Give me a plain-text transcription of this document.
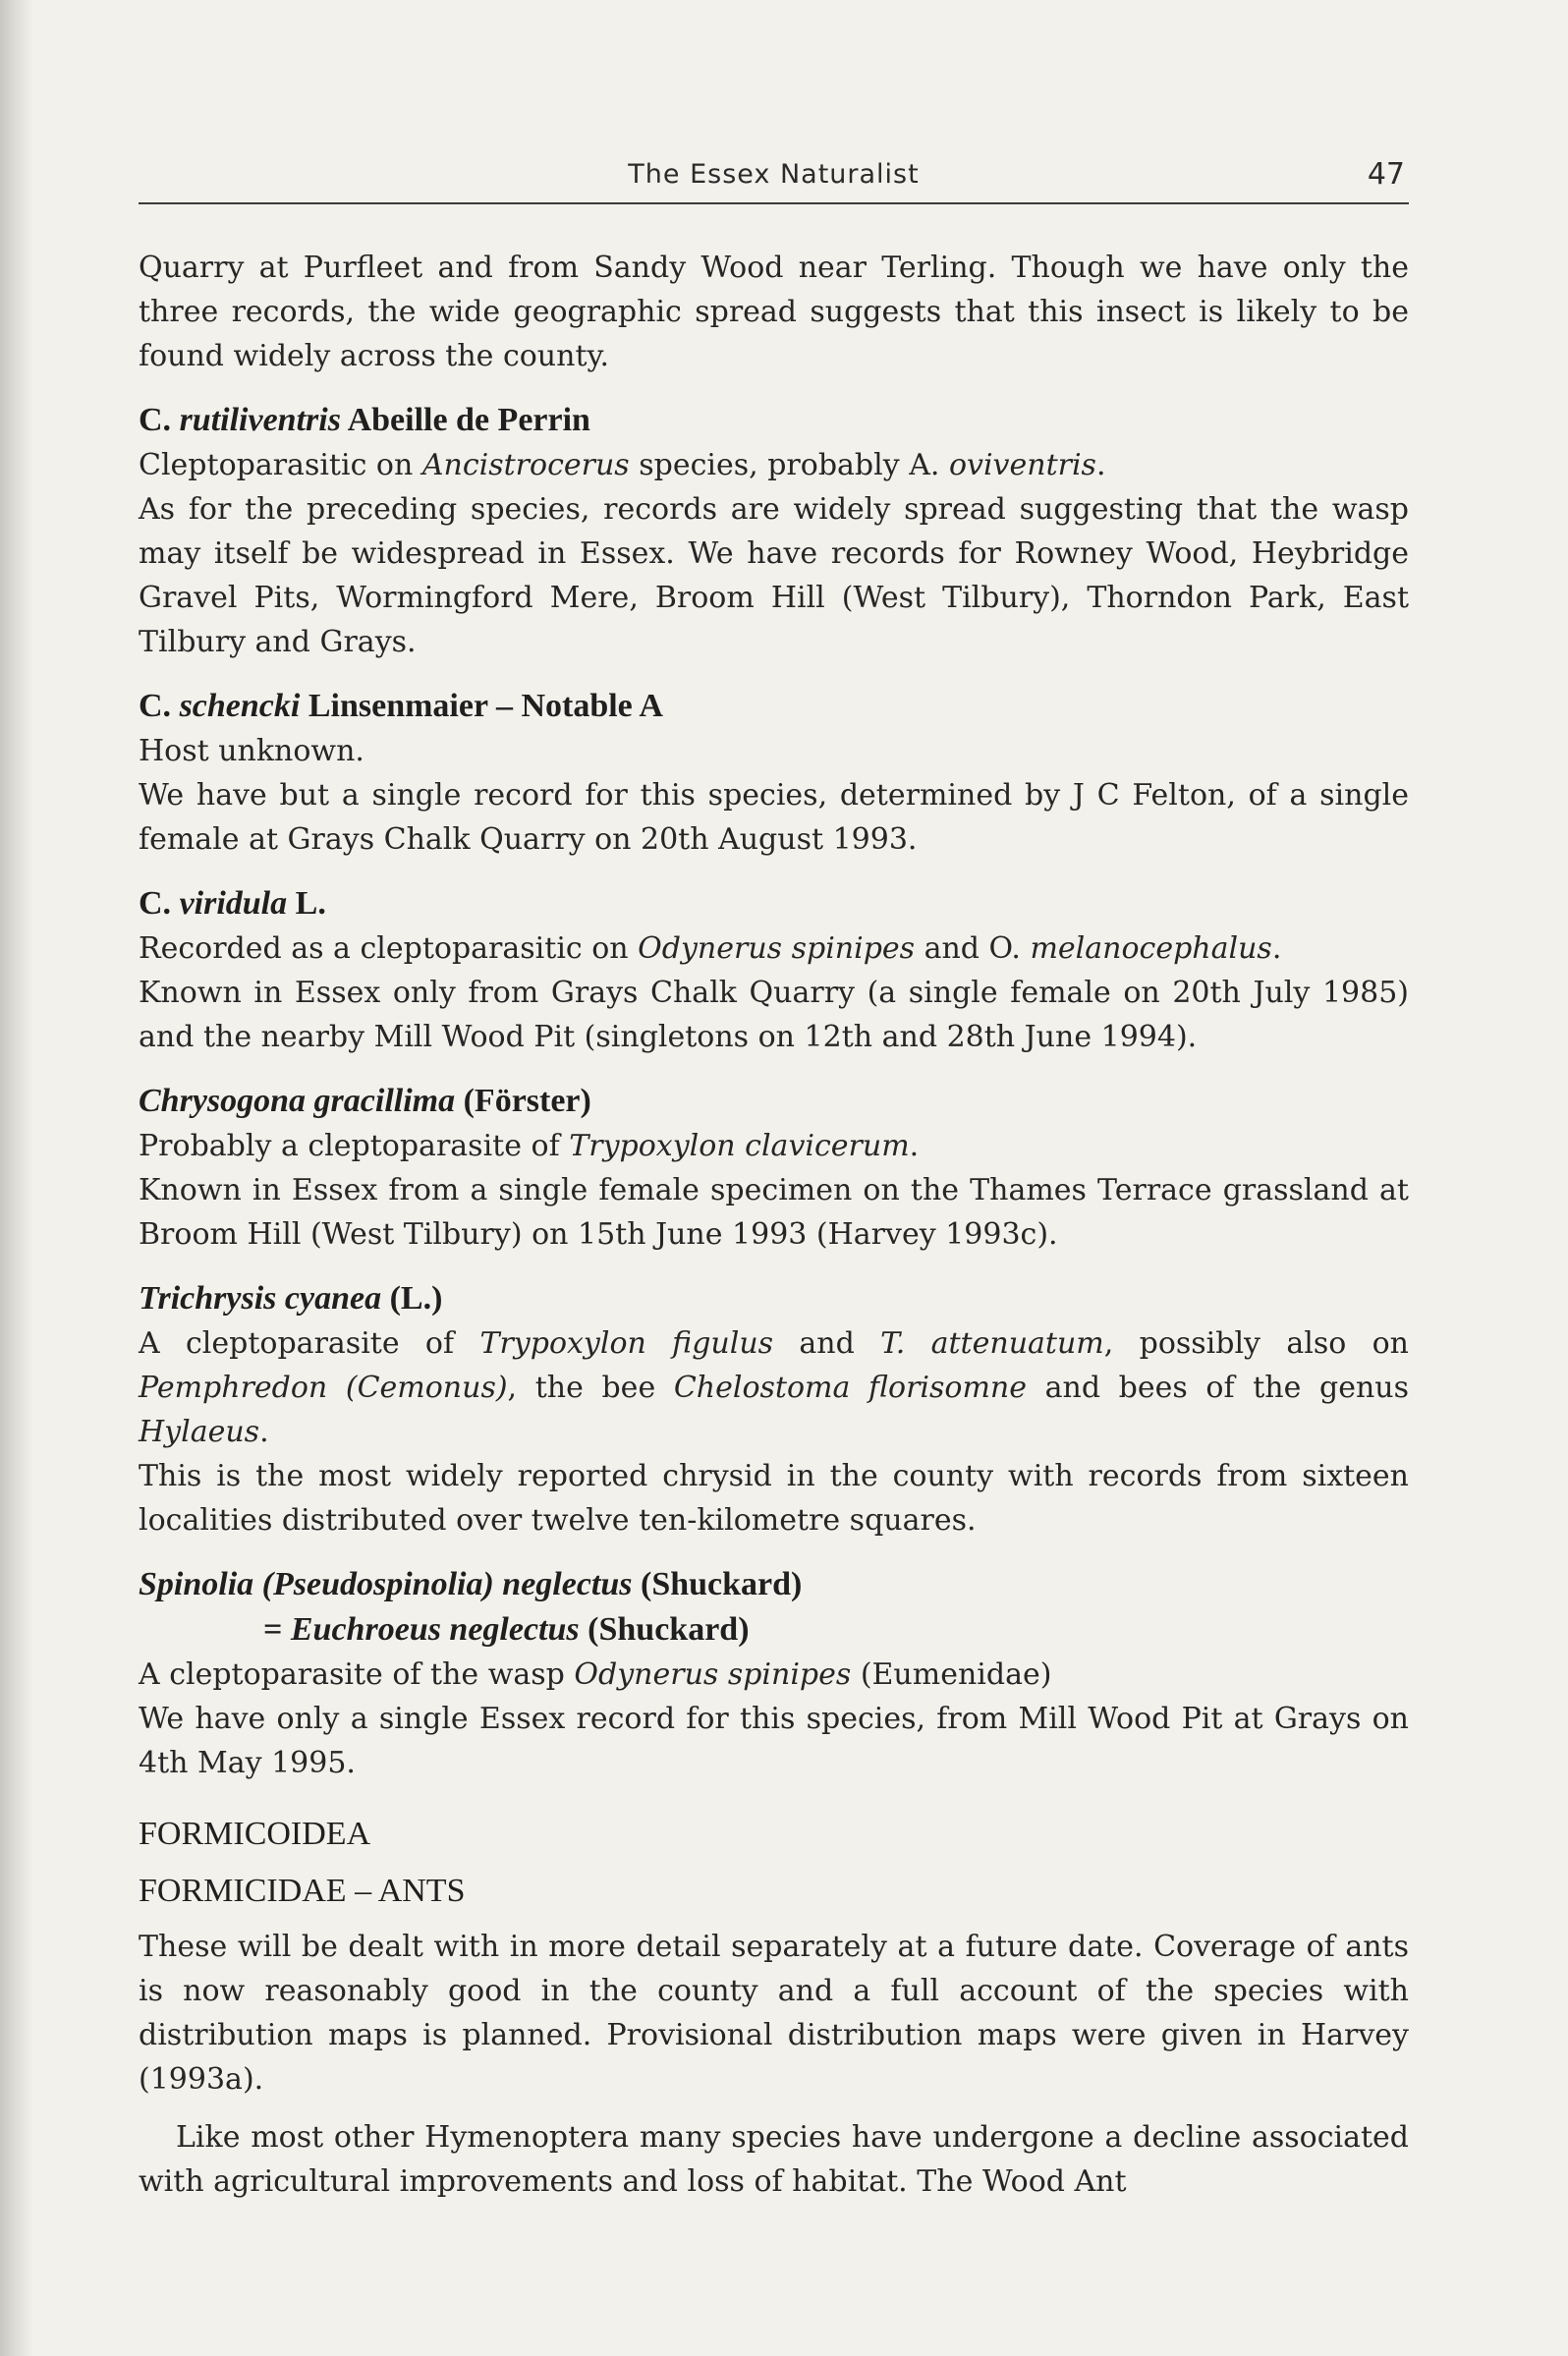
The Essex Naturalist	47

Quarry at Purfleet and from Sandy Wood near Terling. Though we have only the three records, the wide geographic spread suggests that this insect is likely to be found widely across the county.

C. rutiliventris Abeille de Perrin

Cleptoparasitic on Ancistrocerus species, probably A. oviventris.

As for the preceding species, records are widely spread suggesting that the wasp may itself be widespread in Essex. We have records for Rowney Wood, Heybridge Gravel Pits, Wormingford Mere, Broom Hill (West Tilbury), Thorndon Park, East Tilbury and Grays.

C. schencki Linsenmaier – Notable A

Host unknown.

We have but a single record for this species, determined by J C Felton, of a single female at Grays Chalk Quarry on 20th August 1993.

C. viridula L.

Recorded as a cleptoparasitic on Odynerus spinipes and O. melanocephalus.

Known in Essex only from Grays Chalk Quarry (a single female on 20th July 1985) and the nearby Mill Wood Pit (singletons on 12th and 28th June 1994).

Chrysogona gracillima (Förster)

Probably a cleptoparasite of Trypoxylon clavicerum.

Known in Essex from a single female specimen on the Thames Terrace grassland at Broom Hill (West Tilbury) on 15th June 1993 (Harvey 1993c).

Trichrysis cyanea (L.)

A cleptoparasite of Trypoxylon figulus and T. attenuatum, possibly also on Pemphredon (Cemonus), the bee Chelostoma florisomne and bees of the genus Hylaeus.

This is the most widely reported chrysid in the county with records from sixteen localities distributed over twelve ten-kilometre squares.

Spinolia (Pseudospinolia) neglectus (Shuckard)
= Euchroeus neglectus (Shuckard)

A cleptoparasite of the wasp Odynerus spinipes (Eumenidae)

We have only a single Essex record for this species, from Mill Wood Pit at Grays on 4th May 1995.

FORMICOIDEA
FORMICIDAE – ANTS

These will be dealt with in more detail separately at a future date. Coverage of ants is now reasonably good in the county and a full account of the species with distribution maps is planned. Provisional distribution maps were given in Harvey (1993a).

Like most other Hymenoptera many species have undergone a decline associated with agricultural improvements and loss of habitat. The Wood Ant
